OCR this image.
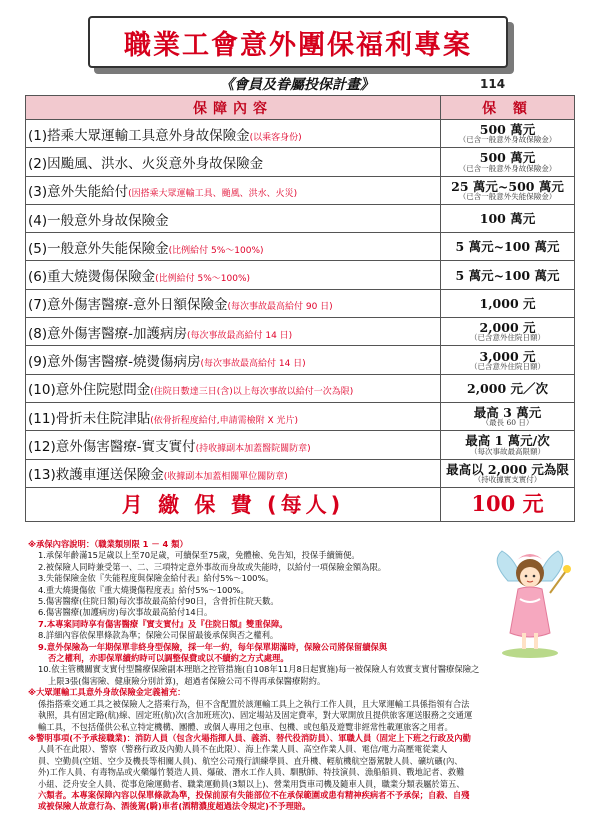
職業工會意外團保福利專案
《會員及眷屬投保計畫》	114
保障內容	保 額
(1)搭乘大眾運輸工具意外身故保險金(以乘客身份)	500 萬元
（已含一般意外身故保險金）

(2)因颱風、洪水、火災意外身故保險金	500 萬元
（已含一般意外身故保險金）

(3)意外失能給付(因搭乘大眾運輸工具、颱風、洪水、火災)	25 萬元~500 萬元
（已含一般意外失能保險金）

(4)一般意外身故保險金	100 萬元

(5)一般意外失能保險金(比例給付 5%～100%)	5 萬元~100 萬元

(6)重大燒燙傷保險金(比例給付 5%～100%)	5 萬元~100 萬元

(7)意外傷害醫療-意外日額保險金(每次事故最高給付 90 日)	1,000 元

(8)意外傷害醫療-加護病房(每次事故最高給付 14 日)	2,000 元
（已含意外住院日額）

(9)意外傷害醫療-燒燙傷病房(每次事故最高給付 14 日)	3,000 元
（已含意外住院日額）

(10)意外住院慰問金(住院日數達三日(含)以上每次事故以給付一次為限)	2,000 元／次

(11)骨折未住院津貼(依骨折程度給付,申請需檢附 X 光片)	最高 3 萬元
（最長 60 日）

(12)意外傷害醫療-實支實付(持收據副本加蓋醫院關防章)	最高 1 萬元/次
（每次事故最高限額）

(13)救護車運送保險金(收據副本加蓋相關單位關防章)	最高以 2,000 元為限
（持收據實支實付）

月 繳 保 費 (每人)	100 元
※承保內容說明：（職業類別限 1 － 4 類）
1.承保年齡滿15足歲以上至70足歲，可續保至75歲，免體檢、免告知，投保手續簡便。
2.被保險人同時兼受第一、二、三項特定意外事故而身故或失能時，以給付一項保險金額為限。
3.失能保險金依『失能程度與保險金給付表』給付5%～100%。
4.重大燒燙傷依『重大燒燙傷程度表』給付5%～100%。
5.傷害醫療(住院日額)每次事故最高給付90日，含骨折住院天數。
6.傷害醫療(加護病房)每次事故最高給付14日。
7.本專案同時享有傷害醫療『實支實付』及『住院日額』雙重保障。
8.詳細內容依保單條款為準；保險公司保留最後承保與否之權利。
9.意外保險為一年期保單非終身型保險，採一年一約，每年保單期滿時，保險公司將保留續保與
否之權利，亦即保單續約時可以調整保費或以不續約之方式處理。
10.依主管機關實支實付型醫療保險副本理賠之控管措施(自108年11月8日起實施)每一被保險人有效實支實付醫療保險之
上限3張(傷害險、健康險分別計算)，超過者保險公司不得再承保醫療附約。
※大眾運輸工具意外身故保險金定義補充：
係指搭乘交通工具之被保險人之搭乘行為，但不含配置於該運輸工具上之執行工作人員，且大眾運輸工具係指領有合法
執照，具有固定路(航)線、固定班(航)次(含加班班次)、固定場站及固定費率，對大眾開放且提供旅客運送服務之交通運
輸工具，不包括僅供公私立特定機構、團體、或個人專用之包車、包機、或包船及遊覽非經常性載運旅客之用者。
※警明事項(不予承接職業)：消防人員（包含火場指揮人員、義消、替代役消防員）、軍職人員（固定上下班之行政及內勤
人員不在此限）、警察（警務行政及內勤人員不在此限）、海上作業人員、高空作業人員、電信/電力高壓電從業人
員、空勤員(空姐、空少及機長等相關人員)、航空公司飛行訓練學員、直升機、輕航機航空器駕駛人員、礦坑礦(內、
外)工作人員、有毒物品或火藥爆竹製造人員、爆破、潛水工作人員、馴獸師、特技演員、漁船船員、戰地記者、救難
小組、泛舟安全人員、從事危險運動者、職業運動員(3類以上)、營業用貨車司機及隨車人員，職業分類表屬於第五、
六類者。本專案保障內容以保單條款為準，投保前原有失能部位不在承保範圍或患有精神疾病者不予承保；自殺、自殘
或被保險人故意行為、酒後駕(騎)車者(酒精濃度超過法令規定)不予理賠。
